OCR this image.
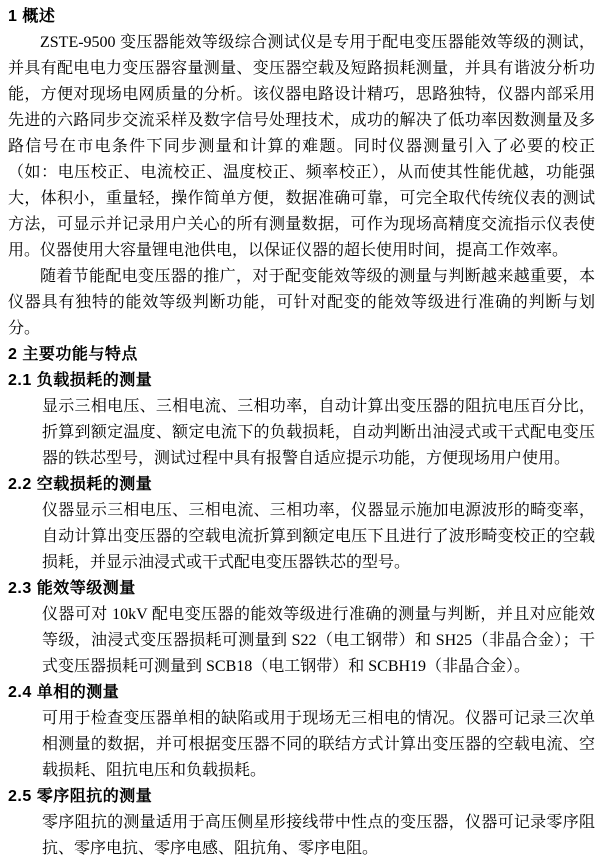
1 概述

ZSTE-9500 变压器能效等级综合测试仪是专用于配电变压器能效等级的测试，并具有配电电力变压器容量测量、变压器空载及短路损耗测量，并具有谐波分析功能，方便对现场电网质量的分析。该仪器电路设计精巧，思路独特，仪器内部采用先进的六路同步交流采样及数字信号处理技术，成功的解决了低功率因数测量及多路信号在市电条件下同步测量和计算的难题。同时仪器测量引入了必要的校正（如：电压校正、电流校正、温度校正、频率校正），从而使其性能优越，功能强大，体积小，重量轻，操作简单方便，数据准确可靠，可完全取代传统仪表的测试方法，可显示并记录用户关心的所有测量数据，可作为现场高精度交流指示仪表使用。仪器使用大容量锂电池供电，以保证仪器的超长使用时间，提高工作效率。

随着节能配电变压器的推广，对于配变能效等级的测量与判断越来越重要，本仪器具有独特的能效等级判断功能，可针对配变的能效等级进行准确的判断与划分。

2 主要功能与特点
2.1 负载损耗的测量

显示三相电压、三相电流、三相功率，自动计算出变压器的阻抗电压百分比，折算到额定温度、额定电流下的负载损耗，自动判断出油浸式或干式配电变压器的铁芯型号，测试过程中具有报警自适应提示功能，方便现场用户使用。

2.2 空载损耗的测量

仪器显示三相电压、三相电流、三相功率，仪器显示施加电源波形的畸变率，自动计算出变压器的空载电流折算到额定电压下且进行了波形畸变校正的空载损耗，并显示油浸式或干式配电变压器铁芯的型号。

2.3 能效等级测量

仪器可对 10kV 配电变压器的能效等级进行准确的测量与判断，并且对应能效等级，油浸式变压器损耗可测量到 S22（电工钢带）和 SH25（非晶合金）；干式变压器损耗可测量到 SCB18（电工钢带）和 SCBH19（非晶合金）。

2.4 单相的测量

可用于检查变压器单相的缺陷或用于现场无三相电的情况。仪器可记录三次单相测量的数据，并可根据变压器不同的联结方式计算出变压器的空载电流、空载损耗、阻抗电压和负载损耗。

2.5 零序阻抗的测量

零序阻抗的测量适用于高压侧星形接线带中性点的变压器，仪器可记录零序阻抗、零序电抗、零序电感、阻抗角、零序电阻。
